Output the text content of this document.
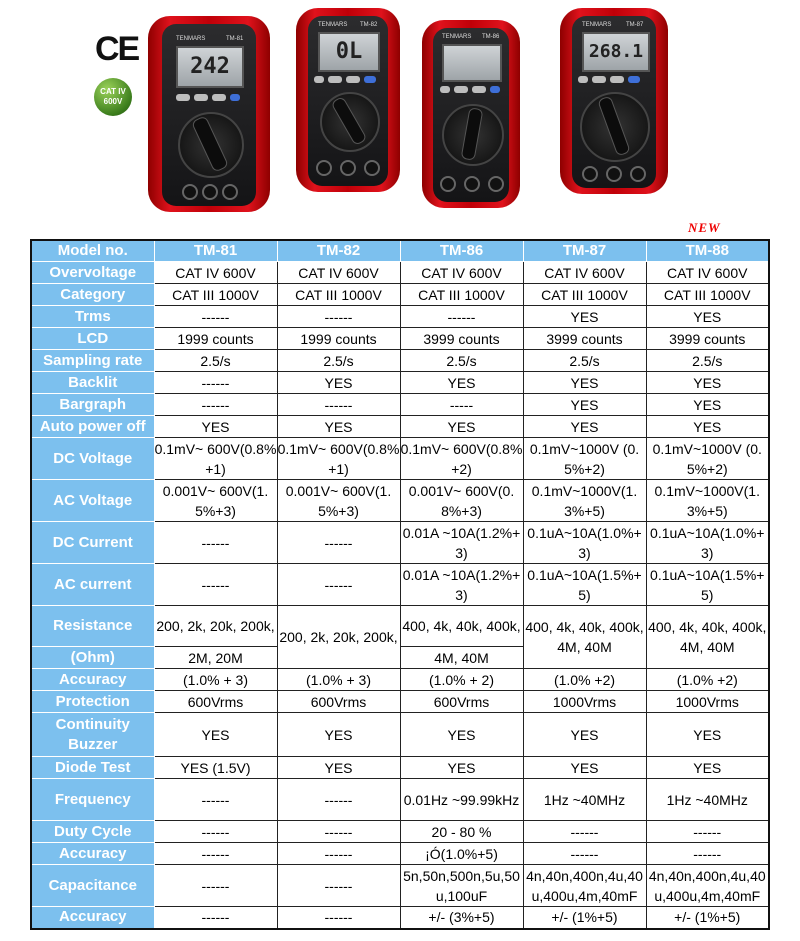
CE
CAT IV
600V
TENMARS	TM-81
242
TENMARS TM-82
0L
TENMARS TM-86
TENMARS TM-87
268.1
NEW
Model no.	TM-81	TM-82	TM-86	TM-87	TM-88
Overvoltage	CAT IV 600V	CAT IV 600V	CAT IV 600V	CAT IV 600V	CAT IV 600V
Category	CAT III 1000V	CAT III 1000V	CAT III 1000V	CAT III 1000V	CAT III 1000V
Trms	------	------	------	YES	YES
LCD	1999 counts	1999 counts	3999 counts	3999 counts	3999 counts
Sampling rate	2.5/s	2.5/s	2.5/s	2.5/s	2.5/s
Backlit	------	YES	YES	YES	YES
Bargraph	------	------	-----	YES	YES
Auto power off	YES	YES	YES	YES	YES
DC Voltage	0.1mV~ 600V(0.8%+1)	0.1mV~ 600V(0.8%+1)	0.1mV~ 600V(0.8%+2)	0.1mV~1000V (0.5%+2)	0.1mV~1000V (0.5%+2)
AC Voltage	0.001V~ 600V(1.5%+3)	0.001V~ 600V(1.5%+3)	0.001V~ 600V(0.8%+3)	0.1mV~1000V(1.3%+5)	0.1mV~1000V(1.3%+5)
DC Current	------	------	0.01A ~10A(1.2%+3)	0.1uA~10A(1.0%+3)	0.1uA~10A(1.0%+3)
AC current	------	------	0.01A ~10A(1.2%+3)	0.1uA~10A(1.5%+5)	0.1uA~10A(1.5%+5)
Resistance	200, 2k, 20k, 200k,	200, 2k, 20k, 200k,	400, 4k, 40k, 400k,	400, 4k, 40k, 400k, 4M, 40M	400, 4k, 40k, 400k, 4M, 40M
(Ohm)	2M, 20M		4M, 40M		
Accuracy	(1.0% + 3)	(1.0% + 3)	(1.0% + 2)	(1.0% +2)	(1.0% +2)
Protection	600Vrms	600Vrms	600Vrms	1000Vrms	1000Vrms

Continuity
Buzzer	YES	YES	YES	YES	YES
Diode Test	YES (1.5V)	YES	YES	YES	YES
Frequency	------	------	0.01Hz ~99.99kHz	1Hz ~40MHz	1Hz ~40MHz
Duty Cycle	------	------	20 - 80 %	------	------
Accuracy	------	------	¡Ó(1.0%+5)	------	------
Capacitance	------	------	5n,50n,500n,5u,50u,100uF	4n,40n,400n,4u,40u,400u,4m,40mF	4n,40n,400n,4u,40u,400u,4m,40mF
Accuracy	------	------	+/- (3%+5)	+/- (1%+5)	+/- (1%+5)
